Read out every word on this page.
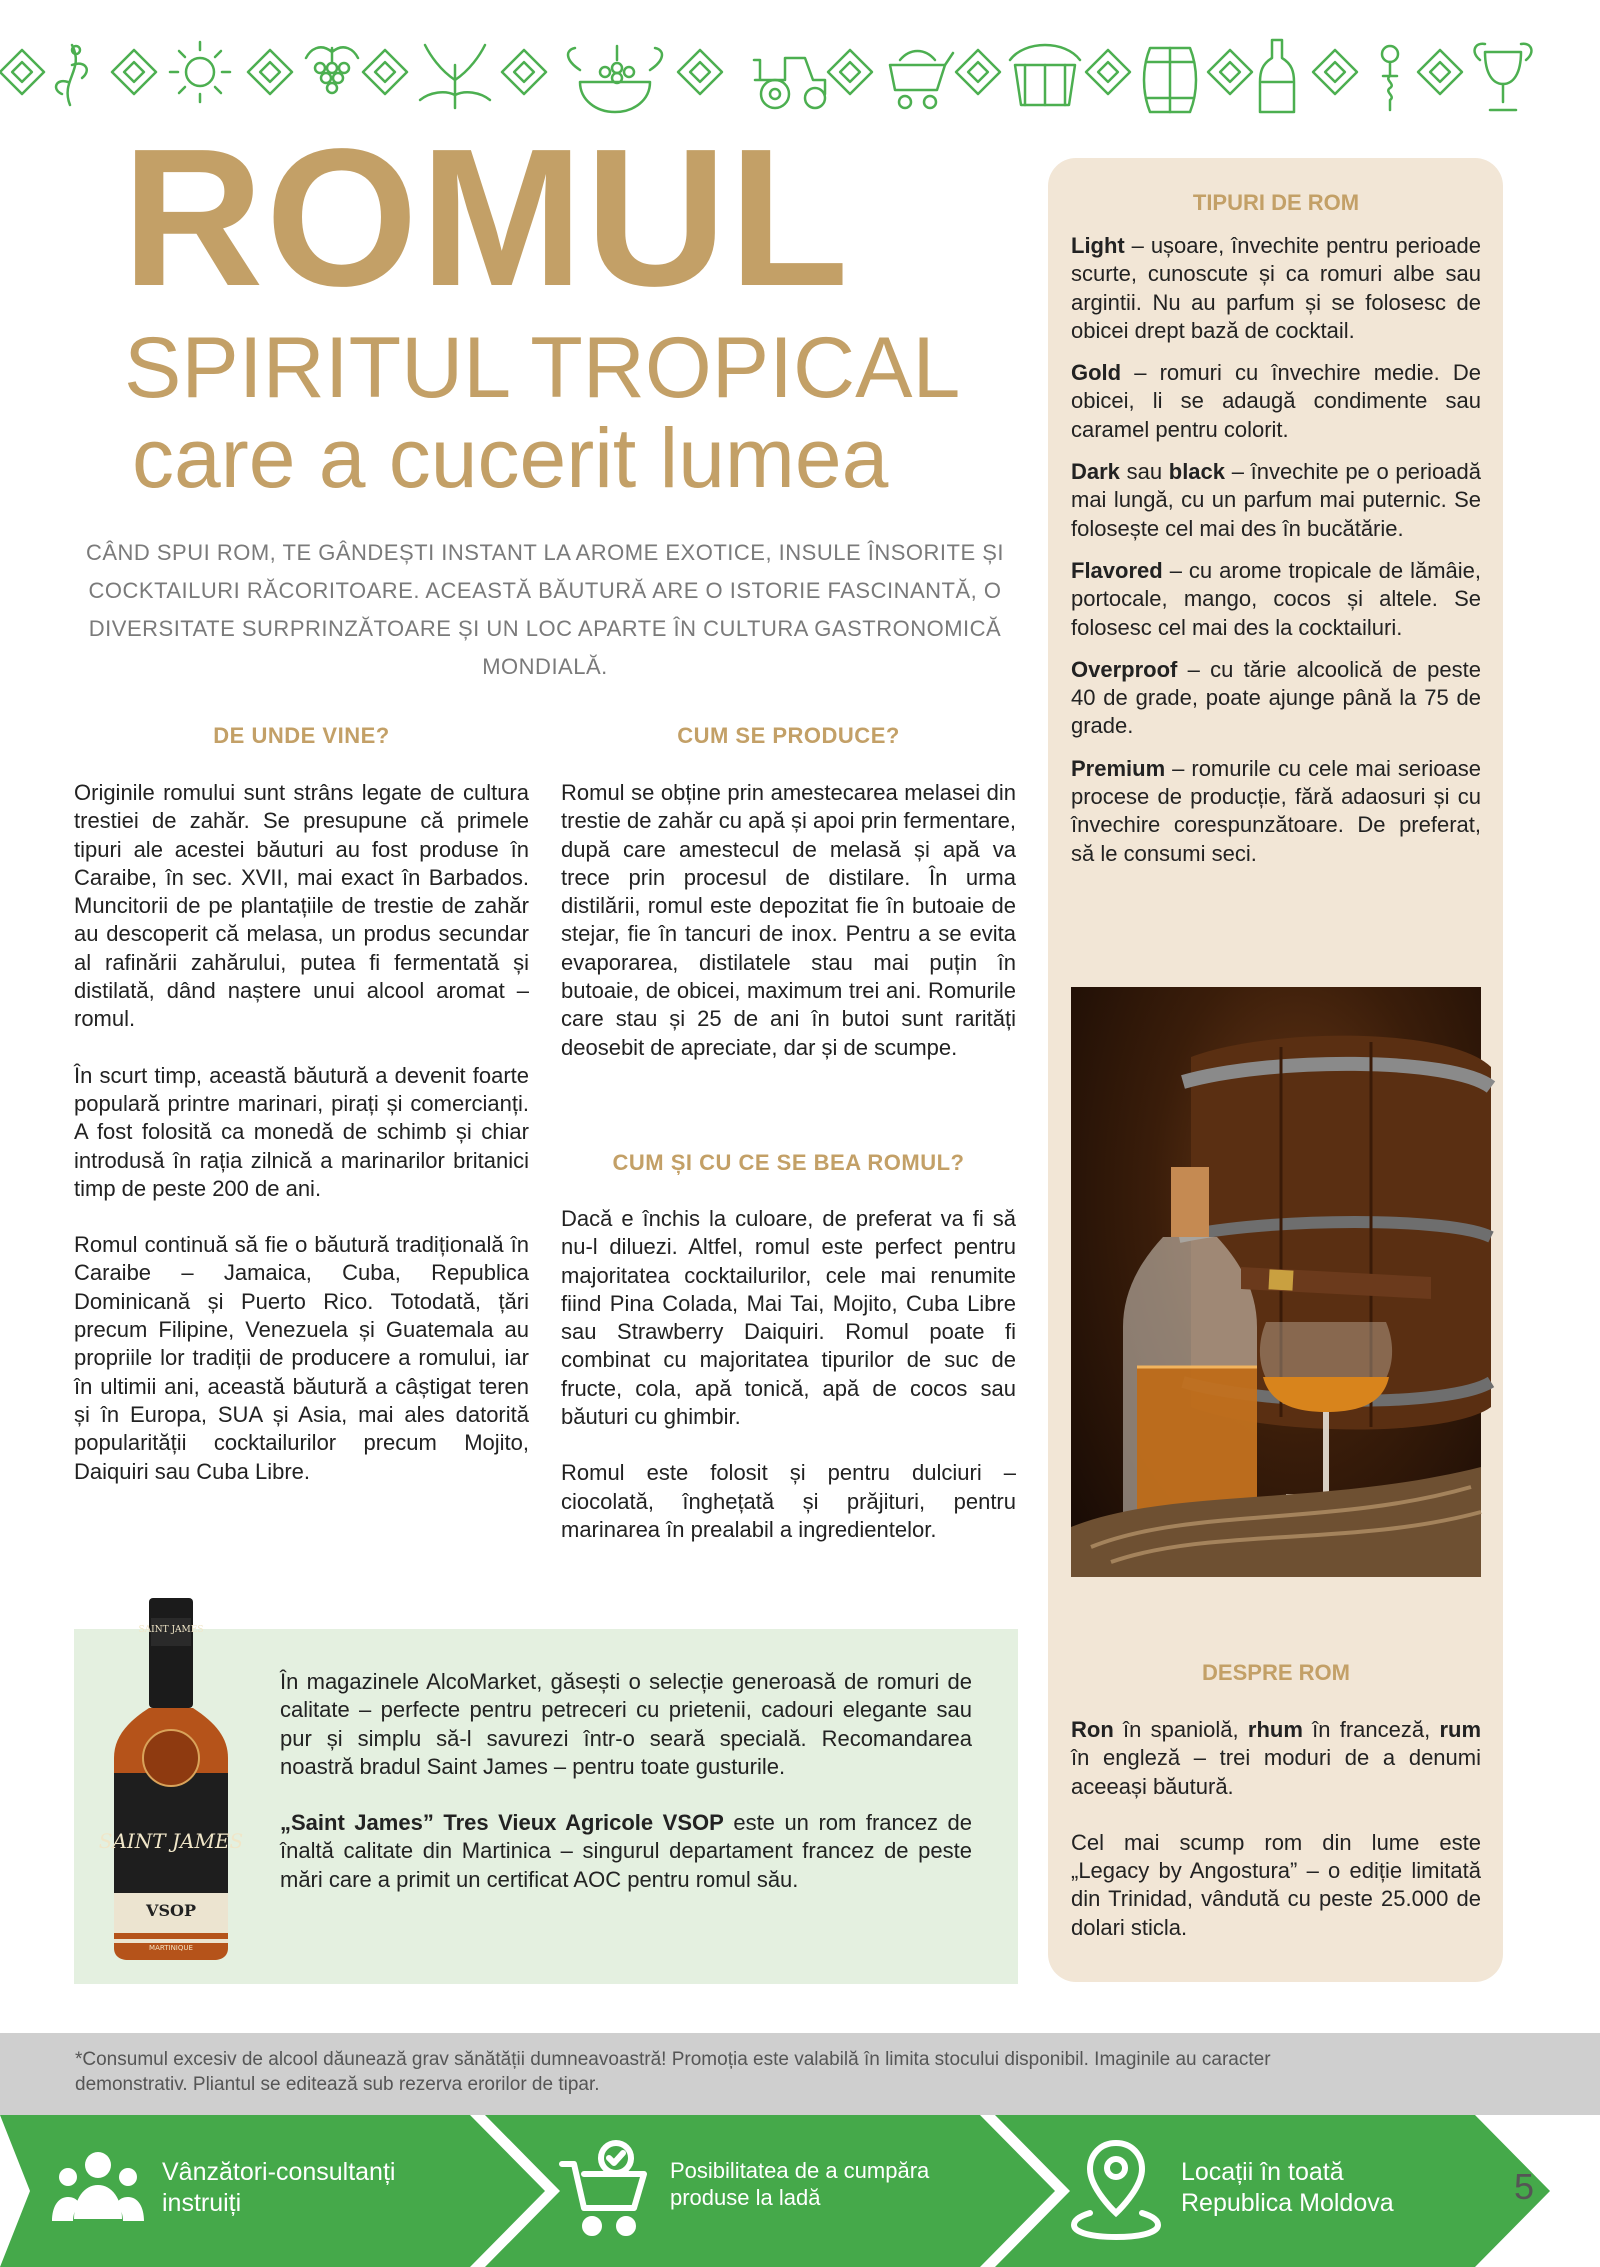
ROMUL
SPIRITUL TROPICAL
care a cucerit lumea
CÂND SPUI ROM, TE GÂNDEȘTI INSTANT LA AROME EXOTICE, INSULE ÎNSORITE ȘI COCKTAILURI RĂCORITOARE. ACEASTĂ BĂUTURĂ ARE O ISTORIE FASCINANTĂ, O DIVERSITATE SURPRINZĂTOARE ȘI UN LOC APARTE ÎN CULTURA GASTRONOMICĂ MONDIALĂ.
DE UNDE VINE?

Originile romului sunt strâns legate de cultura trestiei de zahăr. Se presupune că primele tipuri ale acestei băuturi au fost produse în Caraibe, în sec. XVII, mai exact în Barbados. Muncitorii de pe plantațiile de trestie de zahăr au descoperit că melasa, un produs secundar al rafinării zahărului, putea fi fermentată și distilată, dând naștere unui alcool aromat – romul.

În scurt timp, această băutură a devenit foarte populară printre marinari, pirați și comercianți. A fost folosită ca monedă de schimb și chiar introdusă în rația zilnică a marinarilor britanici timp de peste 200 de ani.

Romul continuă să fie o băutură tradițională în Caraibe – Jamaica, Cuba, Republica Dominicană și Puerto Rico. Totodată, țări precum Filipine, Venezuela și Guatemala au propriile lor tradiții de producere a romului, iar în ultimii ani, această băutură a câștigat teren și în Europa, SUA și Asia, mai ales datorită popularității cocktailurilor precum Mojito, Daiquiri sau Cuba Libre.

CUM SE PRODUCE?

Romul se obține prin amestecarea melasei din trestie de zahăr cu apă și apoi prin fermentare, după care amestecul de melasă și apă va trece prin procesul de distilare. În urma distilării, romul este depozitat fie în butoaie de stejar, fie în tancuri de inox. Pentru a se evita evaporarea, distilatele stau mai puțin în butoaie, de obicei, maximum trei ani. Romurile care stau și 25 de ani în butoi sunt rarități deosebit de apreciate, dar și de scumpe.

CUM ȘI CU CE SE BEA ROMUL?

Dacă e închis la culoare, de preferat va fi să nu-l diluezi. Altfel, romul este perfect pentru majoritatea cocktailurilor, cele mai renumite fiind Pina Colada, Mai Tai, Mojito, Cuba Libre sau Strawberry Daiquiri. Romul poate fi combinat cu majoritatea tipurilor de suc de fructe, cola, apă tonică, apă de cocos sau băuturi cu ghimbir.

Romul este folosit și pentru dulciuri – ciocolată, înghețată și prăjituri, pentru marinarea în prealabil a ingredientelor.

TIPURI DE ROM

Light – ușoare, învechite pentru perioade scurte, cunoscute și ca romuri albe sau argintii. Nu au parfum și se folosesc de obicei drept bază de cocktail.

Gold – romuri cu învechire medie. De obicei, li se adaugă condimente sau caramel pentru colorit.

Dark sau black – învechite pe o perioadă mai lungă, cu un parfum mai puternic. Se folosește cel mai des în bucătărie.

Flavored – cu arome tropicale de lămâie, portocale, mango, cocos și altele. Se folosesc cel mai des la cocktailuri.

Overproof – cu tărie alcoolică de peste 40 de grade, poate ajunge până la 75 de grade.

Premium – romurile cu cele mai serioase procese de producție, fără adaosuri și cu învechire corespunzătoare. De preferat, să le consumi seci.

DESPRE ROM

Ron în spaniolă, rhum în franceză, rum în engleză – trei moduri de a denumi aceeași băutură.

Cel mai scump rom din lume este „Legacy by Angostura” – o ediție limitată din Trinidad, vândută cu peste 25.000 de dolari sticla.

SAINT JAMES
SAINT JAMES
VSOP
MARTINIQUE

În magazinele AlcoMarket, găsești o selecție generoasă de romuri de calitate – perfecte pentru petreceri cu prietenii, cadouri elegante sau pur și simplu să-l savurezi într-o seară specială. Recomandarea noastră bradul Saint James – pentru toate gusturile.

„Saint James” Tres Vieux Agricole VSOP este un rom francez de înaltă calitate din Martinica – singurul departament francez de peste mări care a primit un certificat AOC pentru romul său.

*Consumul excesiv de alcool dăunează grav sănătății dumneavoastră! Promoția este valabilă în limita stocului disponibil. Imaginile au caracter demonstrativ. Pliantul se editează sub rezerva erorilor de tipar.
Vânzători-consultanți
instruiți
Posibilitatea de a cumpăra
produse la ladă
Locații în toată
Republica Moldova	5
